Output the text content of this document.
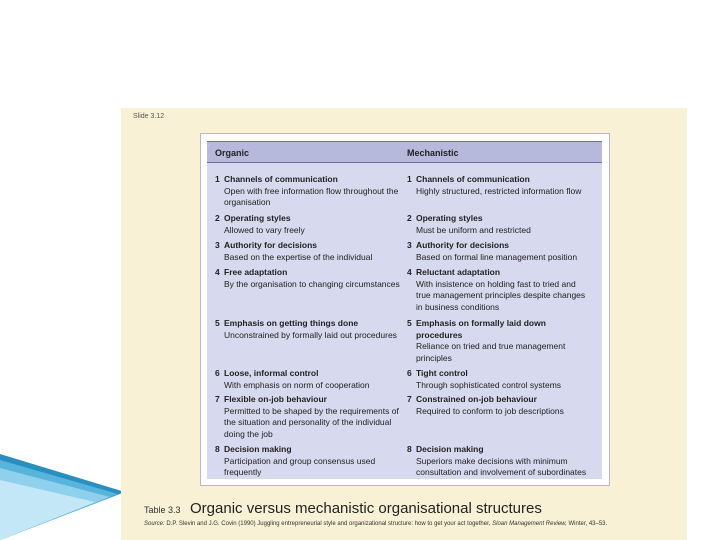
Slide 3.12
Organic	Mechanistic
1 Channels of communication
Open with free information flow throughout the organisation
1 Channels of communication
Highly structured, restricted information flow
2 Operating styles
Allowed to vary freely
2 Operating styles
Must be uniform and restricted
3 Authority for decisions
Based on the expertise of the individual
3 Authority for decisions
Based on formal line management position
4 Free adaptation
By the organisation to changing circumstances
4 Reluctant adaptation
With insistence on holding fast to tried and true management principles despite changes in business conditions
5 Emphasis on getting things done
Unconstrained by formally laid out procedures
5 Emphasis on formally laid down procedures
Reliance on tried and true management principles
6 Loose, informal control
With emphasis on norm of cooperation
6 Tight control
Through sophisticated control systems
7 Flexible on-job behaviour
Permitted to be shaped by the requirements of the situation and personality of the individual doing the job
7 Constrained on-job behaviour
Required to conform to job descriptions
8 Decision making
Participation and group consensus used frequently
8 Decision making
Superiors make decisions with minimum consultation and involvement of subordinates
Table 3.3 Organic versus mechanistic organisational structures
Source: D.P. Slevin and J.G. Covin (1990) Juggling entrepreneurial style and organizational structure: how to get your act together, Sloan Management Review, Winter, 43–53.
